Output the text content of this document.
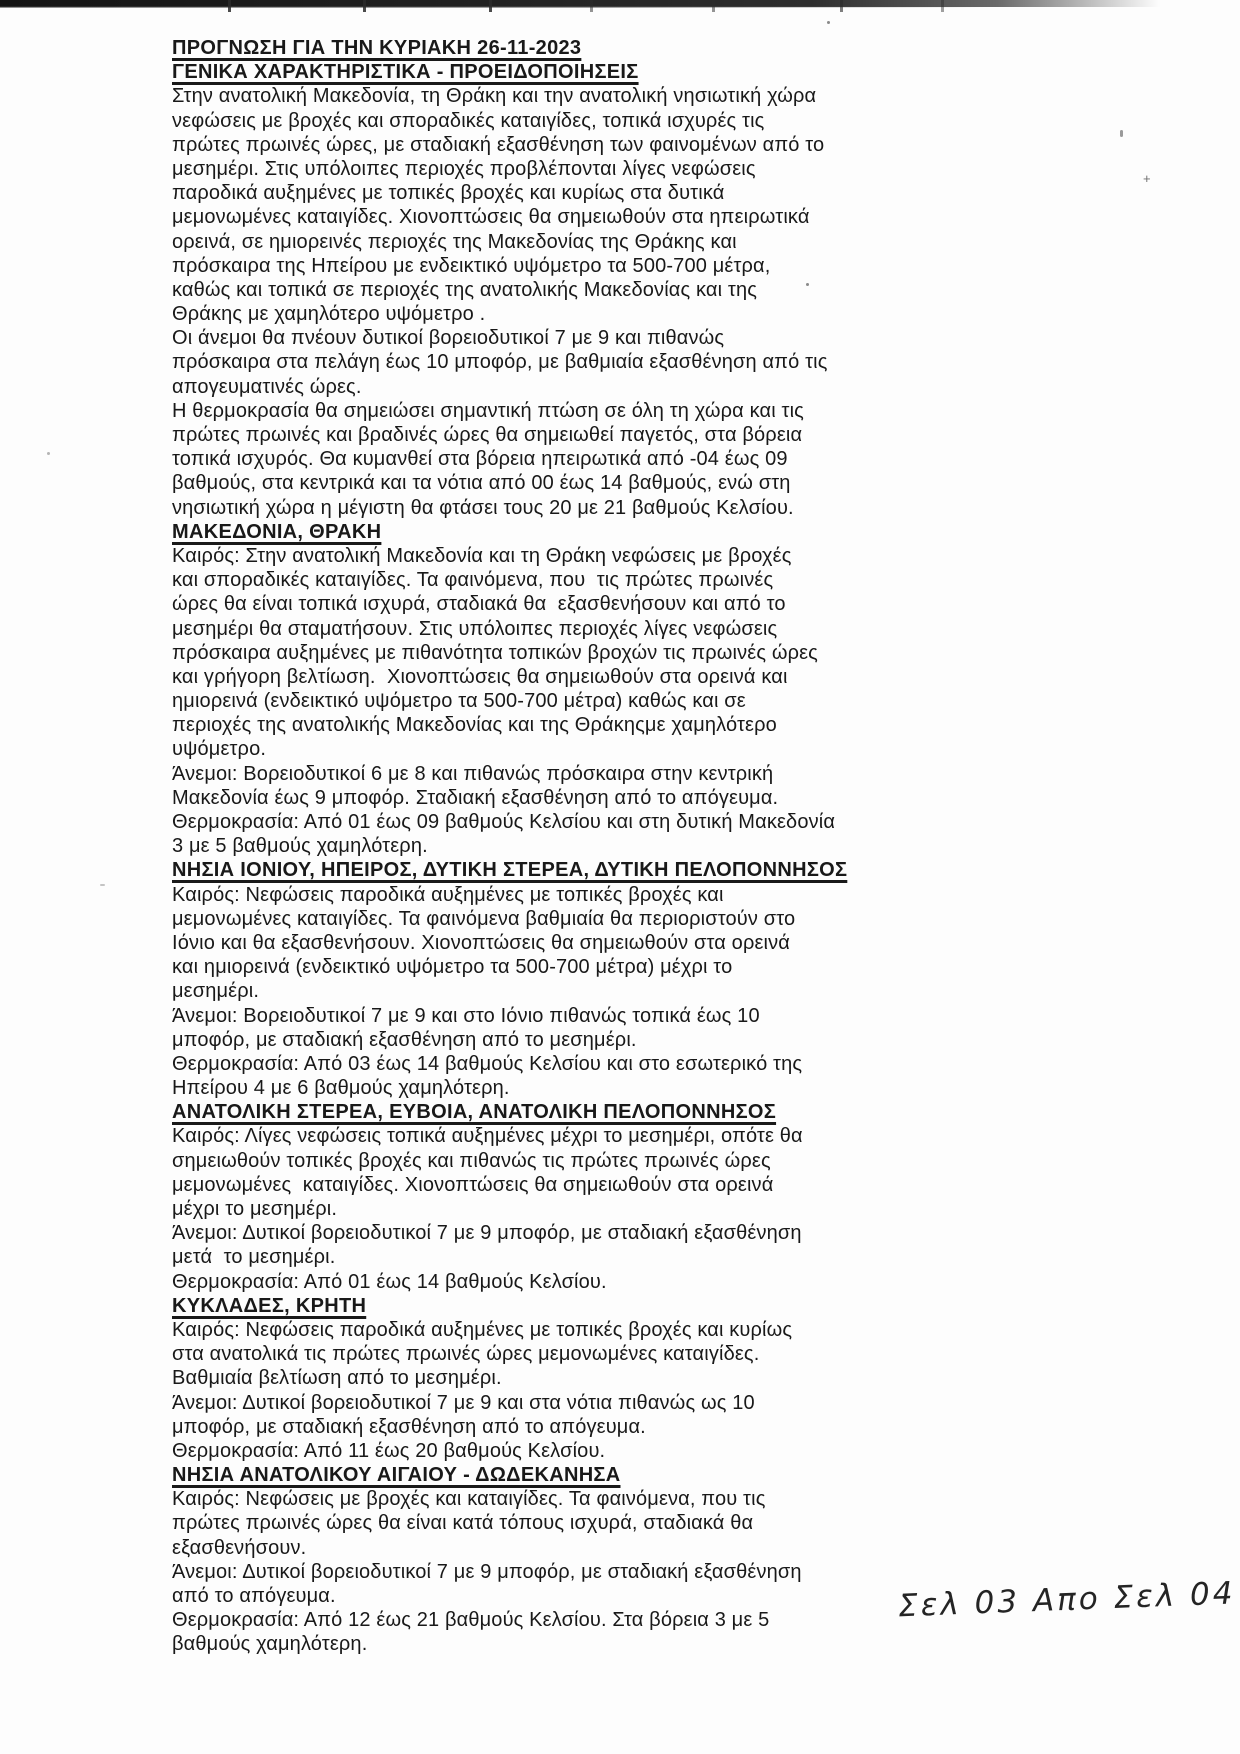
+
ΠΡΟΓΝΩΣΗ ΓΙΑ ΤΗΝ ΚΥΡΙΑΚΗ 26-11-2023
ΓΕΝΙΚΑ ΧΑΡΑΚΤΗΡΙΣΤΙΚΑ - ΠΡΟΕΙΔΟΠΟΙΗΣΕΙΣ
Στην ανατολική Μακεδονία, τη Θράκη και την ανατολική νησιωτική χώρα
νεφώσεις με βροχές και σποραδικές καταιγίδες, τοπικά ισχυρές τις
πρώτες πρωινές ώρες, με σταδιακή εξασθένηση των φαινομένων από το
μεσημέρι. Στις υπόλοιπες περιοχές προβλέπονται λίγες νεφώσεις
παροδικά αυξημένες με τοπικές βροχές και κυρίως στα δυτικά
μεμονωμένες καταιγίδες. Χιονοπτώσεις θα σημειωθούν στα ηπειρωτικά
ορεινά, σε ημιορεινές περιοχές της Μακεδονίας της Θράκης και
πρόσκαιρα της Ηπείρου με ενδεικτικό υψόμετρο τα 500-700 μέτρα,
καθώς και τοπικά σε περιοχές της ανατολικής Μακεδονίας και της
Θράκης με χαμηλότερο υψόμετρο .
Οι άνεμοι θα πνέουν δυτικοί βορειοδυτικοί 7 με 9 και πιθανώς
πρόσκαιρα στα πελάγη έως 10 μποφόρ, με βαθμιαία εξασθένηση από τις
απογευματινές ώρες.
Η θερμοκρασία θα σημειώσει σημαντική πτώση σε όλη τη χώρα και τις
πρώτες πρωινές και βραδινές ώρες θα σημειωθεί παγετός, στα βόρεια
τοπικά ισχυρός. Θα κυμανθεί στα βόρεια ηπειρωτικά από -04 έως 09
βαθμούς, στα κεντρικά και τα νότια από 00 έως 14 βαθμούς, ενώ στη
νησιωτική χώρα η μέγιστη θα φτάσει τους 20 με 21 βαθμούς Κελσίου.
ΜΑΚΕΔΟΝΙΑ, ΘΡΑΚΗ
Καιρός: Στην ανατολική Μακεδονία και τη Θράκη νεφώσεις με βροχές
και σποραδικές καταιγίδες. Τα φαινόμενα, που  τις πρώτες πρωινές
ώρες θα είναι τοπικά ισχυρά, σταδιακά θα  εξασθενήσουν και από το
μεσημέρι θα σταματήσουν. Στις υπόλοιπες περιοχές λίγες νεφώσεις
πρόσκαιρα αυξημένες με πιθανότητα τοπικών βροχών τις πρωινές ώρες
και γρήγορη βελτίωση.  Χιονοπτώσεις θα σημειωθούν στα ορεινά και
ημιορεινά (ενδεικτικό υψόμετρο τα 500-700 μέτρα) καθώς και σε
περιοχές της ανατολικής Μακεδονίας και της Θράκηςμε χαμηλότερο
υψόμετρο.
Άνεμοι: Βορειοδυτικοί 6 με 8 και πιθανώς πρόσκαιρα στην κεντρική
Μακεδονία έως 9 μποφόρ. Σταδιακή εξασθένηση από το απόγευμα.
Θερμοκρασία: Από 01 έως 09 βαθμούς Κελσίου και στη δυτική Μακεδονία
3 με 5 βαθμούς χαμηλότερη.
ΝΗΣΙΑ ΙΟΝΙΟΥ, ΗΠΕΙΡΟΣ, ΔΥΤΙΚΗ ΣΤΕΡΕΑ, ΔΥΤΙΚΗ ΠΕΛΟΠΟΝΝΗΣΟΣ
Καιρός: Νεφώσεις παροδικά αυξημένες με τοπικές βροχές και
μεμονωμένες καταιγίδες. Τα φαινόμενα βαθμιαία θα περιοριστούν στο
Ιόνιο και θα εξασθενήσουν. Χιονοπτώσεις θα σημειωθούν στα ορεινά
και ημιορεινά (ενδεικτικό υψόμετρο τα 500-700 μέτρα) μέχρι το
μεσημέρι.
Άνεμοι: Βορειοδυτικοί 7 με 9 και στο Ιόνιο πιθανώς τοπικά έως 10
μποφόρ, με σταδιακή εξασθένηση από το μεσημέρι.
Θερμοκρασία: Από 03 έως 14 βαθμούς Κελσίου και στο εσωτερικό της
Ηπείρου 4 με 6 βαθμούς χαμηλότερη.
ΑΝΑΤΟΛΙΚΗ ΣΤΕΡΕΑ, ΕΥΒΟΙΑ, ΑΝΑΤΟΛΙΚΗ ΠΕΛΟΠΟΝΝΗΣΟΣ
Καιρός: Λίγες νεφώσεις τοπικά αυξημένες μέχρι το μεσημέρι, οπότε θα
σημειωθούν τοπικές βροχές και πιθανώς τις πρώτες πρωινές ώρες
μεμονωμένες  καταιγίδες. Χιονοπτώσεις θα σημειωθούν στα ορεινά
μέχρι το μεσημέρι.
Άνεμοι: Δυτικοί βορειοδυτικοί 7 με 9 μποφόρ, με σταδιακή εξασθένηση
μετά  το μεσημέρι.
Θερμοκρασία: Από 01 έως 14 βαθμούς Κελσίου.
ΚΥΚΛΑΔΕΣ, ΚΡΗΤΗ
Καιρός: Νεφώσεις παροδικά αυξημένες με τοπικές βροχές και κυρίως
στα ανατολικά τις πρώτες πρωινές ώρες μεμονωμένες καταιγίδες.
Βαθμιαία βελτίωση από το μεσημέρι.
Άνεμοι: Δυτικοί βορειοδυτικοί 7 με 9 και στα νότια πιθανώς ως 10
μποφόρ, με σταδιακή εξασθένηση από το απόγευμα.
Θερμοκρασία: Από 11 έως 20 βαθμούς Κελσίου.
ΝΗΣΙΑ ΑΝΑΤΟΛΙΚΟΥ ΑΙΓΑΙΟΥ - ΔΩΔΕΚΑΝΗΣΑ
Καιρός: Νεφώσεις με βροχές και καταιγίδες. Τα φαινόμενα, που τις
πρώτες πρωινές ώρες θα είναι κατά τόπους ισχυρά, σταδιακά θα
εξασθενήσουν.
Άνεμοι: Δυτικοί βορειοδυτικοί 7 με 9 μποφόρ, με σταδιακή εξασθένηση
από το απόγευμα.
Θερμοκρασία: Από 12 έως 21 βαθμούς Κελσίου. Στα βόρεια 3 με 5
βαθμούς χαμηλότερη.
Σελ 03 Απο Σελ 04
